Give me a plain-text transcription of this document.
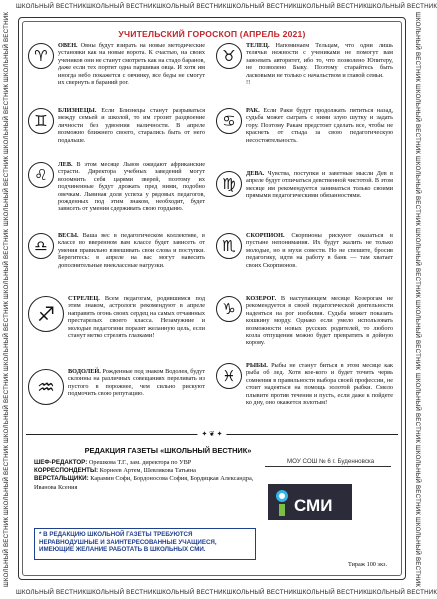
ШКОЛЬНЫЙ ВЕСТНИК ШКОЛЬНЫЙ ВЕСТНИК ШКОЛЬНЫЙ ВЕСТНИК ШКОЛЬНЫЙ ВЕСТНИК ШКОЛЬНЫЙ ВЕСТНИК ШКОЛЬНЫЙ ВЕСТНИК
ШКОЛЬНЫЙ ВЕСТНИК ШКОЛЬНЫЙ ВЕСТНИК ШКОЛЬНЫЙ ВЕСТНИК ШКОЛЬНЫЙ ВЕСТНИК ШКОЛЬНЫЙ ВЕСТНИК ШКОЛЬНЫЙ ВЕСТНИК
ШКОЛЬНЫЙ ВЕСТНИК
ШКОЛЬНЫЙ ВЕСТНИК
ШКОЛЬНЫЙ ВЕСТНИК
ШКОЛЬНЫЙ ВЕСТНИК
ШКОЛЬНЫЙ ВЕСТНИК
ШКОЛЬНЫЙ ВЕСТНИК
ШКОЛЬНЫЙ ВЕСТНИК
ШКОЛЬНЫЙ ВЕСТНИК	ШКОЛЬНЫЙ ВЕСТНИК
ШКОЛЬНЫЙ ВЕСТНИК
ШКОЛЬНЫЙ ВЕСТНИК
ШКОЛЬНЫЙ ВЕСТНИК
ШКОЛЬНЫЙ ВЕСТНИК
ШКОЛЬНЫЙ ВЕСТНИК
ШКОЛЬНЫЙ ВЕСТНИК
ШКОЛЬНЫЙ ВЕСТНИК
УЧИТЕЛЬСКИЙ ГОРОСКОП (АПРЕЛЬ 2021)
♈
ОВЕН. Овны будут взирать на новые методические установки как на новые ворота. К счастью, на своих учеников они не станут смотреть как на стадо баранов, даже если тех портит одна паршивая овца. И хотя им иногда небо покажется с овчинку, все беды не смогут их свернуть в бараний рог.
♊
БЛИЗНЕЦЫ. Если Близнецы станут разрываться между семьей и школой, то им грозит раздвоение личности без удвоения наличности. В апреле возможно ближнего своего, старались быть от него подальше.
♌
ЛЕВ. В этом месяце Львов ожидают африканские страсти. Директора учебных заведений могут возомнить себя царями зверей, поэтому их подчиненные будут дрожать пред ними, подобно овечкам. Львиная доля успеха у рядовых педагогов, рожденных под этим знаком, необходит, будет зависеть от умения сдерживать свою гордыню.
♎
ВЕСЫ. Ваша вес в педагогическом коллективе, в классе во вверенном вам классе будет зависеть от умения правильно взвешивать свои слова и поступки. Берегитесь: в апреле на вас могут навесить дополнительные внеклассные нагрузки.
♐
СТРЕЛЕЦ. Всем педагогам, родившимся под этим знаком, астрологи рекомендуют в апреле направить огонь своих сердец на самых отчаянных престарелых своего класса. Незамужние и молодые педагогини поразят желанную цель, если станут метко стрелять глазками!
♒
ВОДОЛЕЙ. Рожденные под знаком Водолея, будут склонны на различных совещаниях переливать из пустого в порожнее, чем сильно рискуют подмочить свою репутацию.
♉
ТЕЛЕЦ. Напоминаем Тельцам, что одни лишь телячьи нежности с учениками не помогут вам завоевать авторитет, ибо то, что позволено Юпитеру, не позволено Быку. Поэтому старайтесь быть ласковыми не только с начальством и главой семьи.
!!
♋
РАК. Если Раки будут продолжать пятиться назад, судьба может сыграть с ними злую шутку и задать гору. Поэтому Ракам предстоит сделать все, чтобы не краснеть от стыда за свою педагогическую несостоятельность.
♍
ДЕВА. Чувства, поступки и заветные мысли Дев в апреле будут отличаться девственной чистотой. В этом месяце им рекомендуется заниматься только своими прямыми педагогическими обязанностями.
♏
СКОРПИОН. Скорпионы рискуют оказаться в пустыне непонимания. Их будут жалить не только молодые, но и мухи совести. Но не спешите, бросив педагогику, идти на работу в банк — там хватает своих Скорпионов.
♑
КОЗЕРОГ. В наступающем месяце Козерогам не рекомендуется в своей педагогической деятельности надеяться на рог изобилия. Судьба может показать кошкину морду. Однако если умело использовать возможности новых русских родителей, то любого козла отпущения можно будет превратить в дойную корову.
♓
РЫБЫ. Рыбы не станут биться в этом месяце как рыба об лед. Хотя кое-кого и будет точить червь сомнения в правильности выбора своей профессии, не стоит надеяться на помощь золотой рыбки. Смело плывите против течения и пусть, если даже к пойдете ко дну, оно окажется золотым!
✦ ❦ ✦
РЕДАКЦИЯ ГАЗЕТЫ «ШКОЛЬНЫЙ ВЕСТНИК»
ШЕФ-РЕДАКТОР: Орешкова Т.Г., зам. директора по УВР
КОРРЕСПОНДЕНТЫ: Корнеев Артем, Шевлякова Татьяна
ВЕРСТАЛЬЩИКИ: Карамин Софи, Бордоносова София, Бордицкая Александра, Иванова Ксения
* В РЕДАКЦИЮ ШКОЛЬНОЙ ГАЗЕТЫ ТРЕБУЮТСЯ НЕРАВНОДУШНЫЕ И ЗАИНТЕРЕСОВАННЫЕ УЧАЩИЕСЯ, ИМЕЮЩИЕ ЖЕЛАНИЕ РАБОТАТЬ В ШКОЛЬНЫХ СМИ.
МОУ СОШ № 6 г. Буденновска
СМИ
Тираж 100 экз.
